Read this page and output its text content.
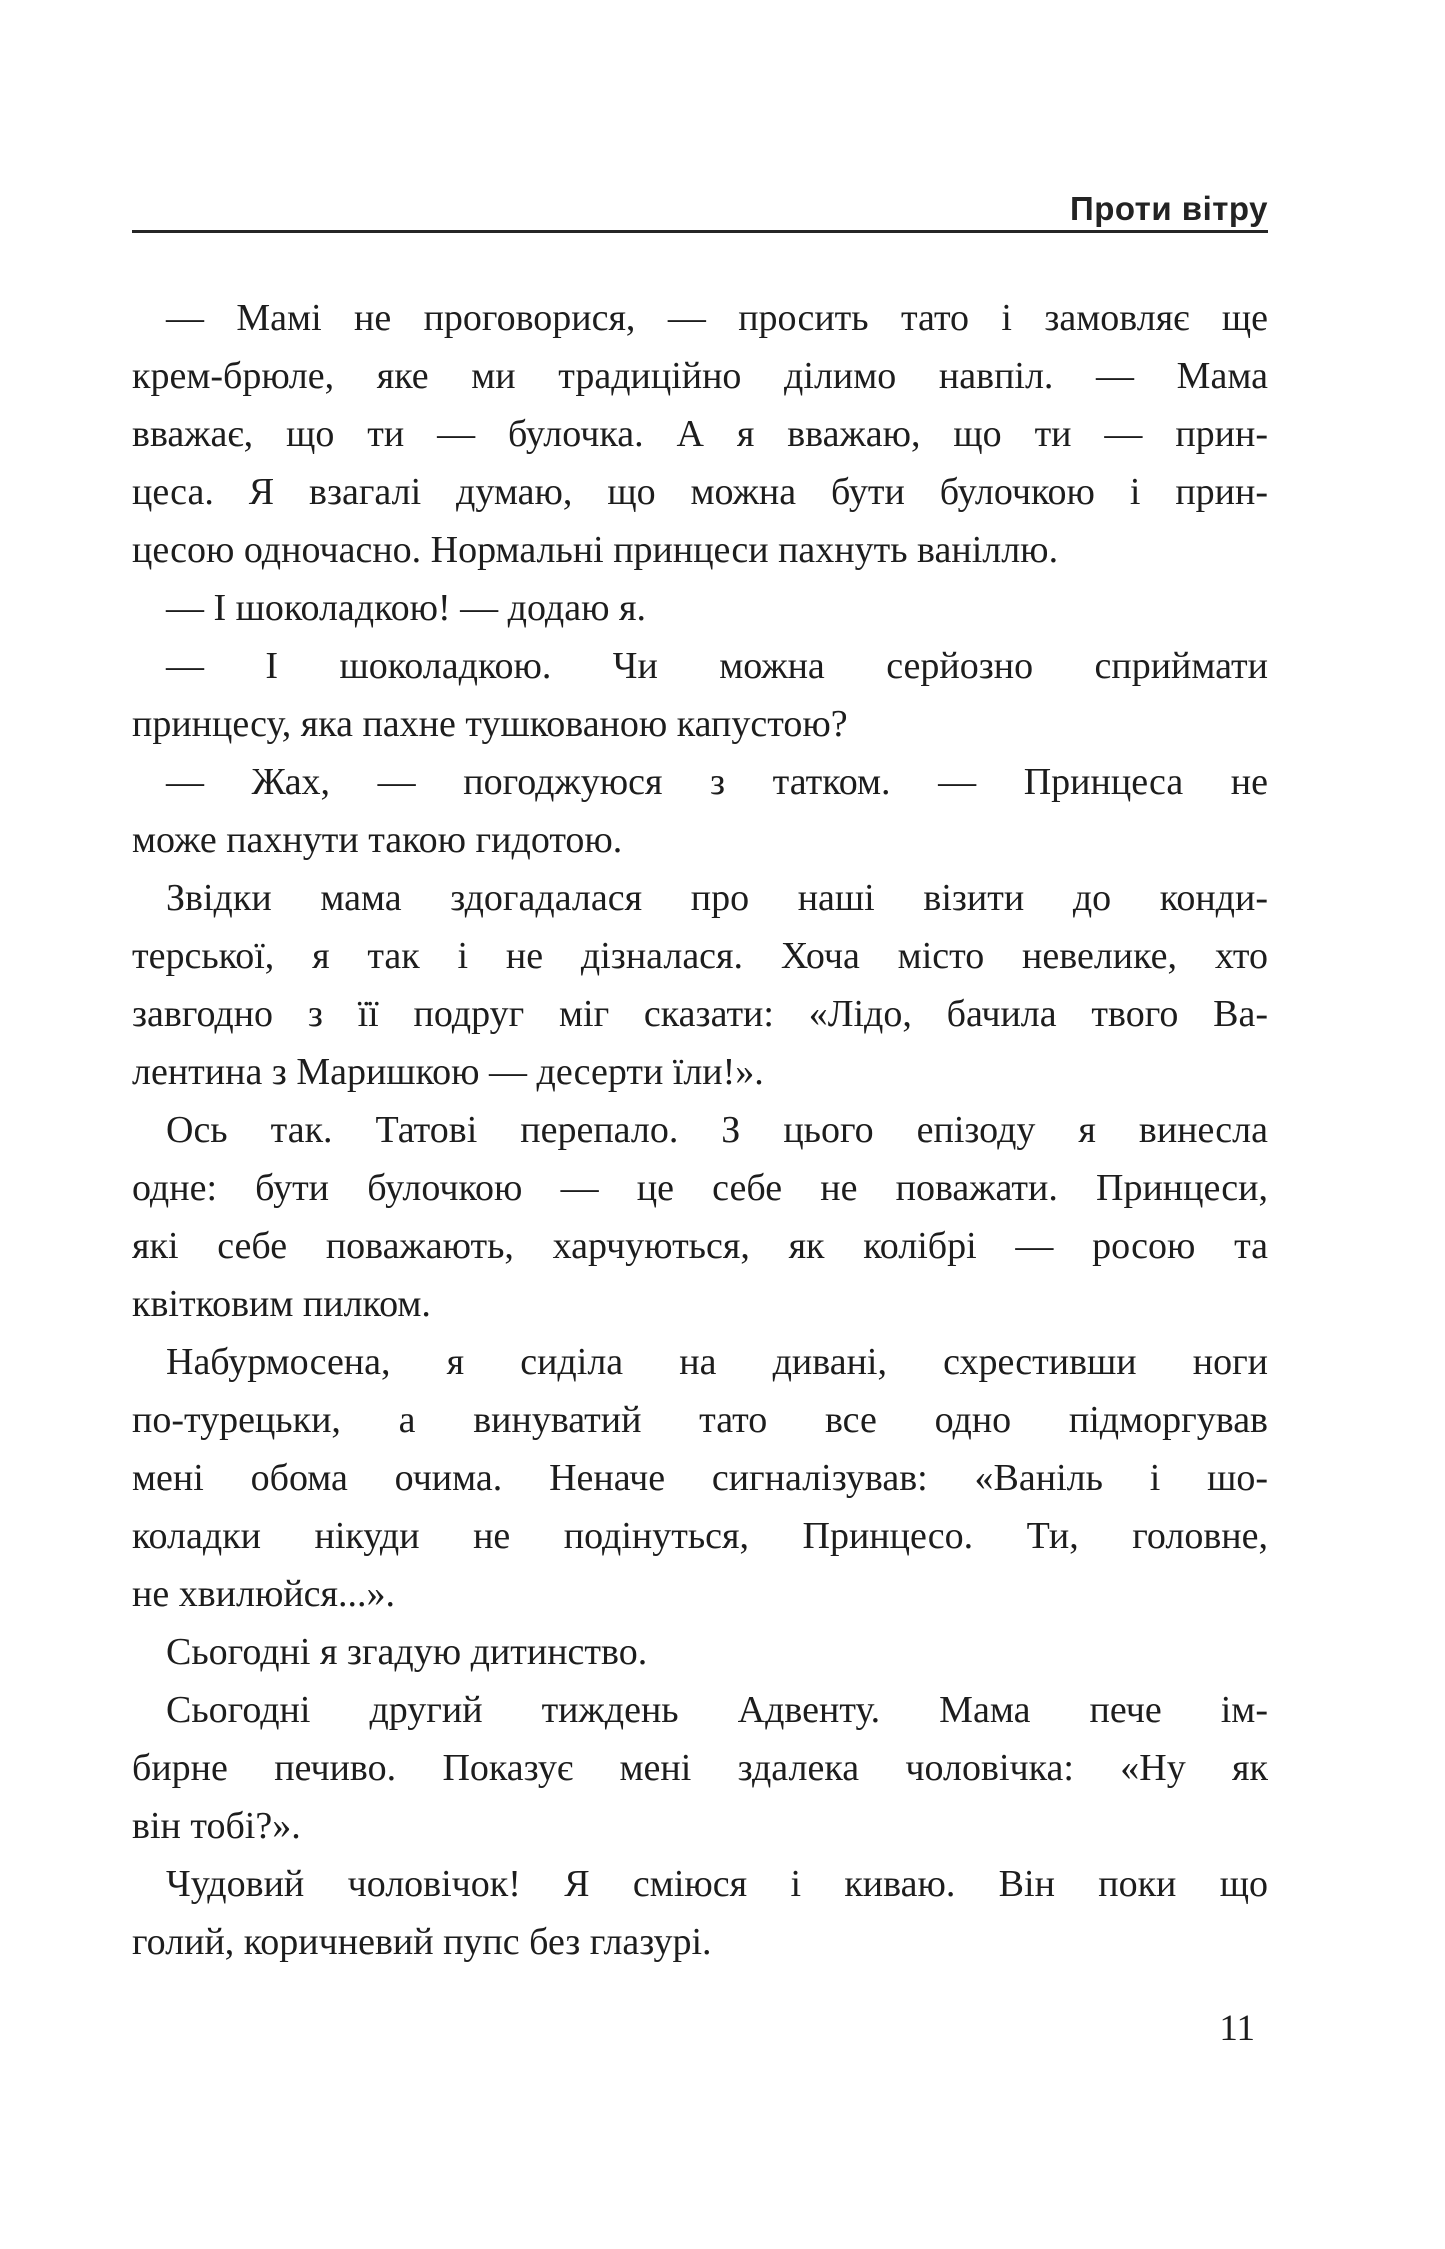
Проти вітру
— Мамі не проговорися, — просить тато і замовляє ще
крем-брюле, яке ми традиційно ділимо навпіл. — Мама
вважає, що ти — булочка. А я вважаю, що ти — прин-
цеса. Я взагалі думаю, що можна бути булочкою і прин-
цесою одночасно. Нормальні принцеси пахнуть ваніллю.
— І шоколадкою! — додаю я.
— І шоколадкою. Чи можна серйозно сприймати
принцесу, яка пахне тушкованою капустою?
— Жах, — погоджуюся з татком. — Принцеса не
може пахнути такою гидотою.
Звідки мама здогадалася про наші візити до конди-
терської, я так і не дізналася. Хоча місто невелике, хто
завгодно з її подруг міг сказати: «Лідо, бачила твого Ва-
лентина з Маришкою — десерти їли!».
Ось так. Татові перепало. З цього епізоду я винесла
одне: бути булочкою — це себе не поважати. Принцеси,
які себе поважають, харчуються, як колібрі — росою та
квітковим пилком.
Набурмосена, я сиділа на дивані, схрестивши ноги
по-турецьки, а винуватий тато все одно підморгував
мені обома очима. Неначе сигналізував: «Ваніль і шо-
коладки нікуди не подінуться, Принцесо. Ти, головне,
не хвилюйся...».
Сьогодні я згадую дитинство.
Сьогодні другий тиждень Адвенту. Мама пече ім-
бирне печиво. Показує мені здалека чоловічка: «Ну як
він тобі?».
Чудовий чоловічок! Я сміюся і киваю. Він поки що
голий, коричневий пупс без глазурі.
11
